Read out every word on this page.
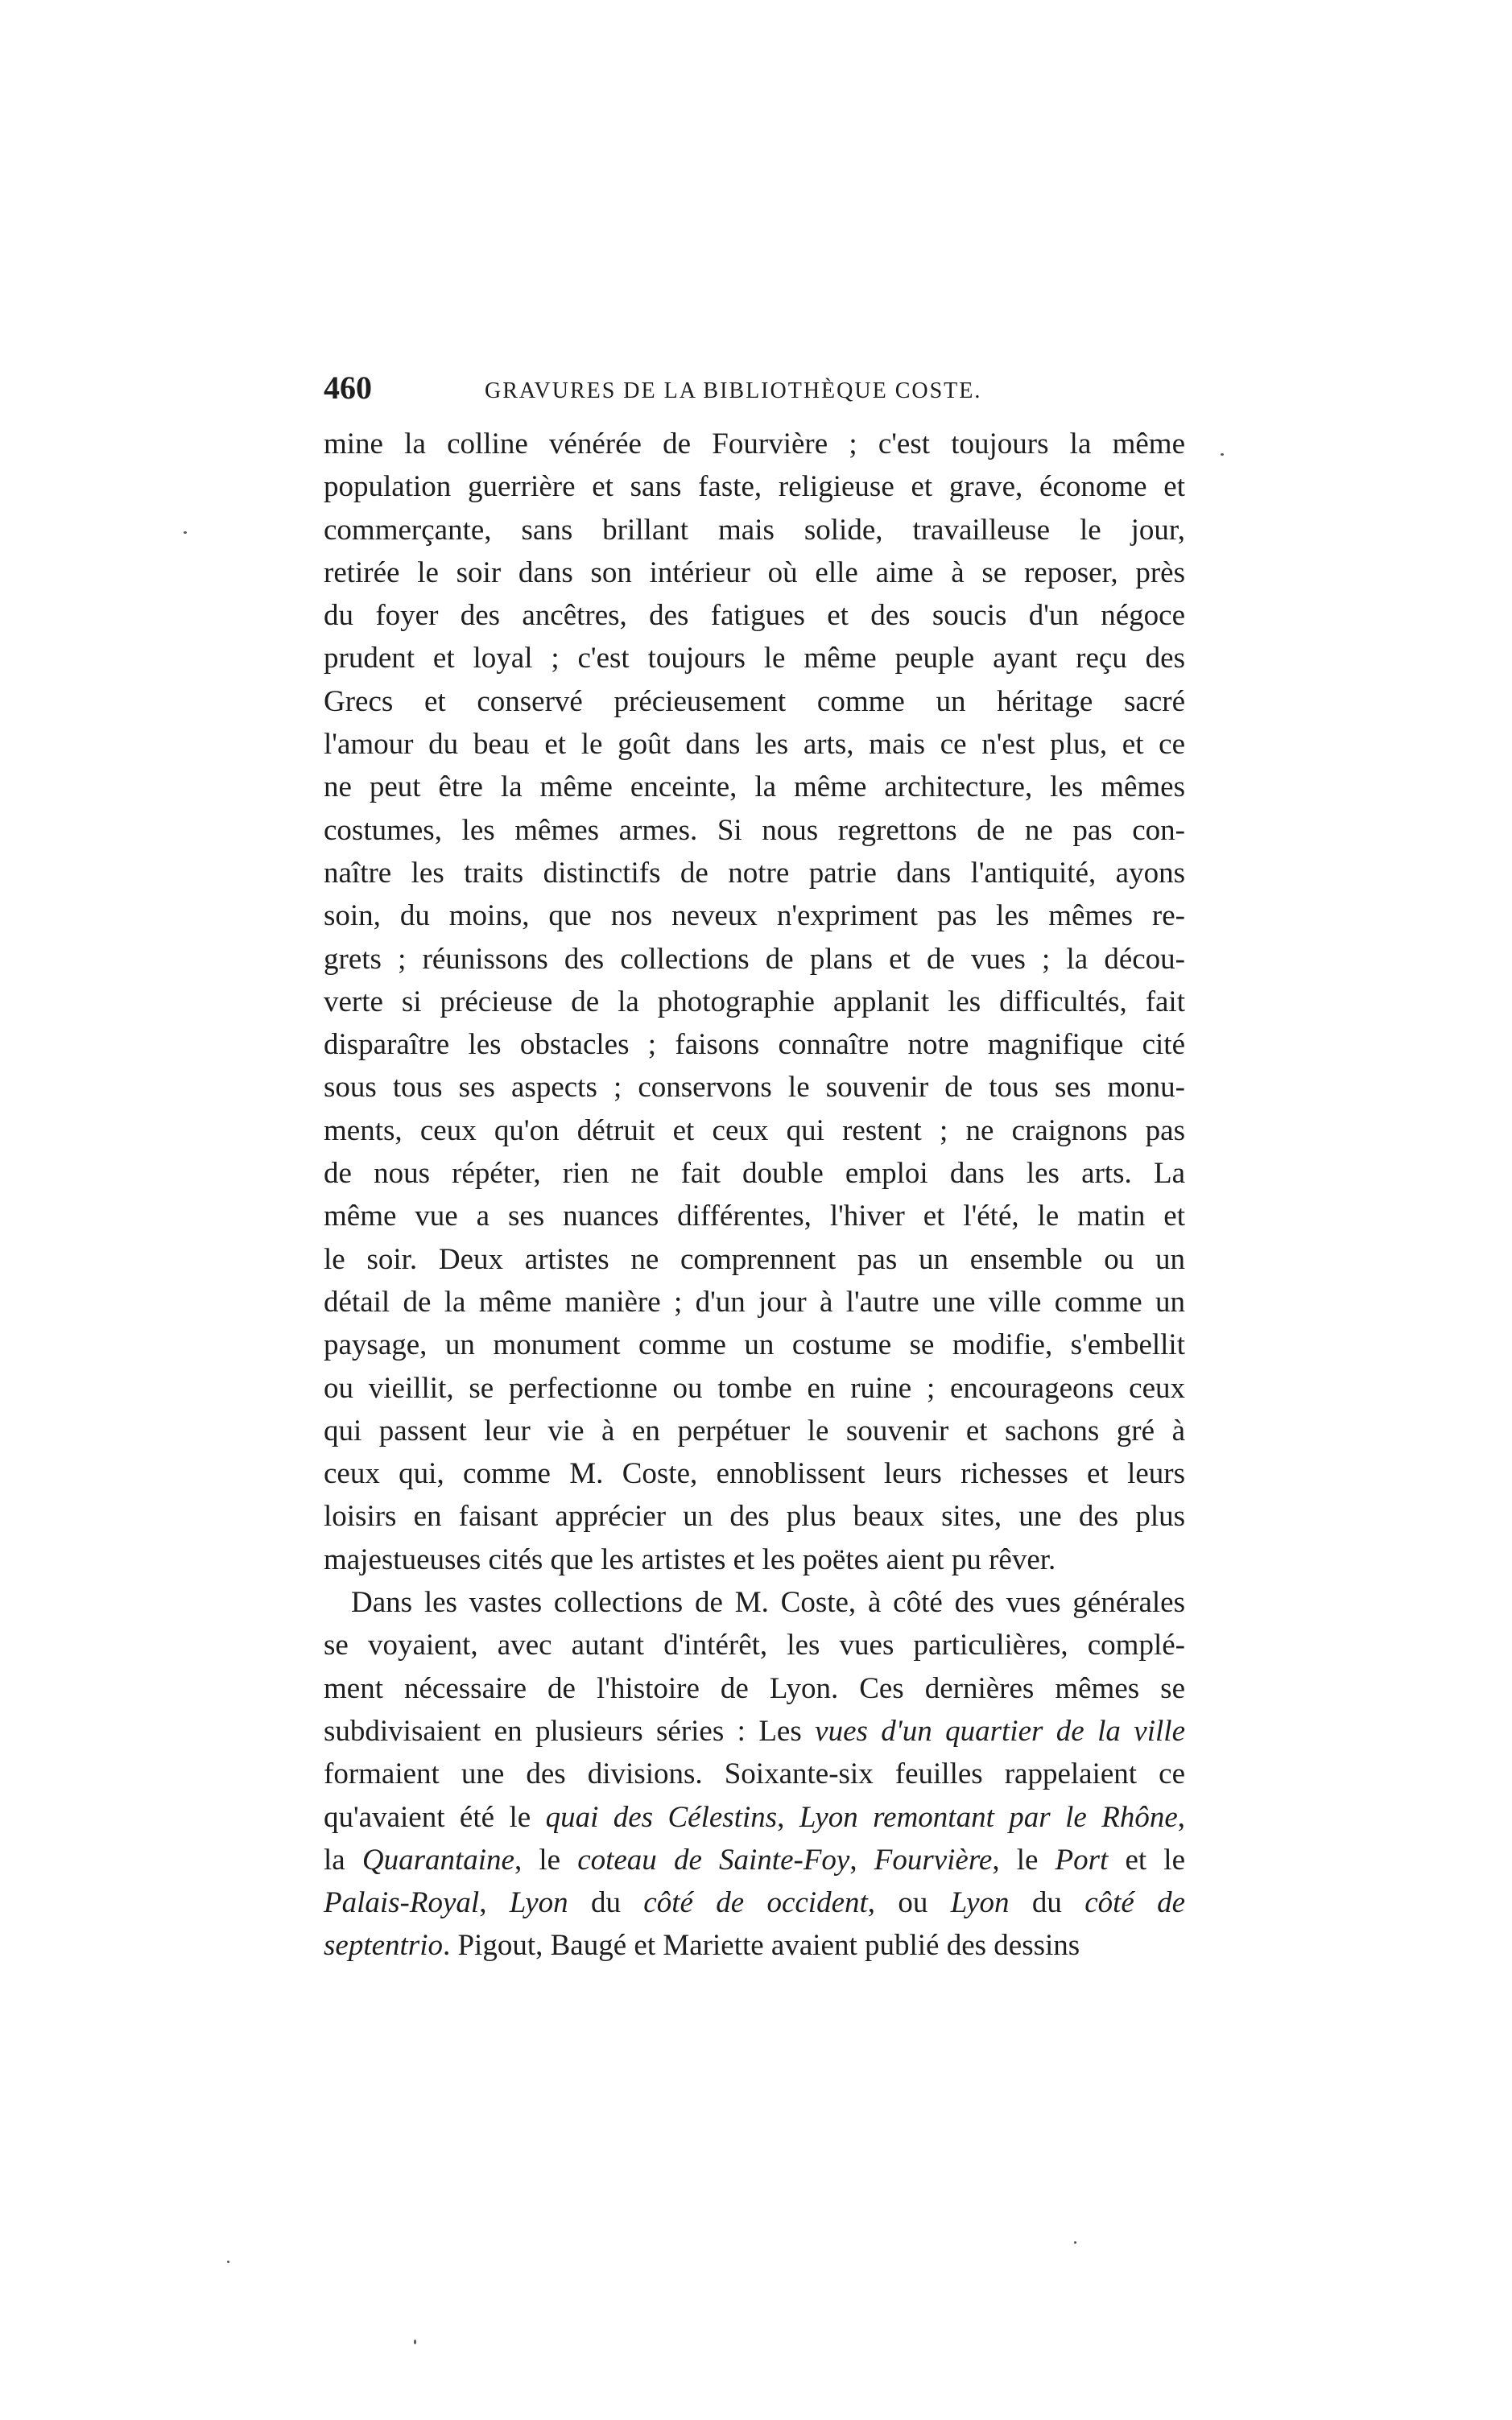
460	GRAVURES DE LA BIBLIOTHÈQUE COSTE.
mine la colline vénérée de Fourvière ; c'est toujours la même
population guerrière et sans faste, religieuse et grave, économe et
commerçante, sans brillant mais solide, travailleuse le jour,
retirée le soir dans son intérieur où elle aime à se reposer, près
du foyer des ancêtres, des fatigues et des soucis d'un négoce
prudent et loyal ; c'est toujours le même peuple ayant reçu des
Grecs et conservé précieusement comme un héritage sacré
l'amour du beau et le goût dans les arts, mais ce n'est plus, et ce
ne peut être la même enceinte, la même architecture, les mêmes
costumes, les mêmes armes. Si nous regrettons de ne pas con-
naître les traits distinctifs de notre patrie dans l'antiquité, ayons
soin, du moins, que nos neveux n'expriment pas les mêmes re-
grets ; réunissons des collections de plans et de vues ; la décou-
verte si précieuse de la photographie applanit les difficultés, fait
disparaître les obstacles ; faisons connaître notre magnifique cité
sous tous ses aspects ; conservons le souvenir de tous ses monu-
ments, ceux qu'on détruit et ceux qui restent ; ne craignons pas
de nous répéter, rien ne fait double emploi dans les arts. La
même vue a ses nuances différentes, l'hiver et l'été, le matin et
le soir. Deux artistes ne comprennent pas un ensemble ou un
détail de la même manière ; d'un jour à l'autre une ville comme un
paysage, un monument comme un costume se modifie, s'embellit
ou vieillit, se perfectionne ou tombe en ruine ; encourageons ceux
qui passent leur vie à en perpétuer le souvenir et sachons gré à
ceux qui, comme M. Coste, ennoblissent leurs richesses et leurs
loisirs en faisant apprécier un des plus beaux sites, une des plus
majestueuses cités que les artistes et les poëtes aient pu rêver.
Dans les vastes collections de M. Coste, à côté des vues générales
se voyaient, avec autant d'intérêt, les vues particulières, complé-
ment nécessaire de l'histoire de Lyon. Ces dernières mêmes se
subdivisaient en plusieurs séries : Les vues d'un quartier de la ville
formaient une des divisions. Soixante-six feuilles rappelaient ce
qu'avaient été le quai des Célestins, Lyon remontant par le Rhône,
la Quarantaine, le coteau de Sainte-Foy, Fourvière, le Port et le
Palais-Royal, Lyon du côté de occident, ou Lyon du côté de
septentrio. Pigout, Baugé et Mariette avaient publié des dessins
